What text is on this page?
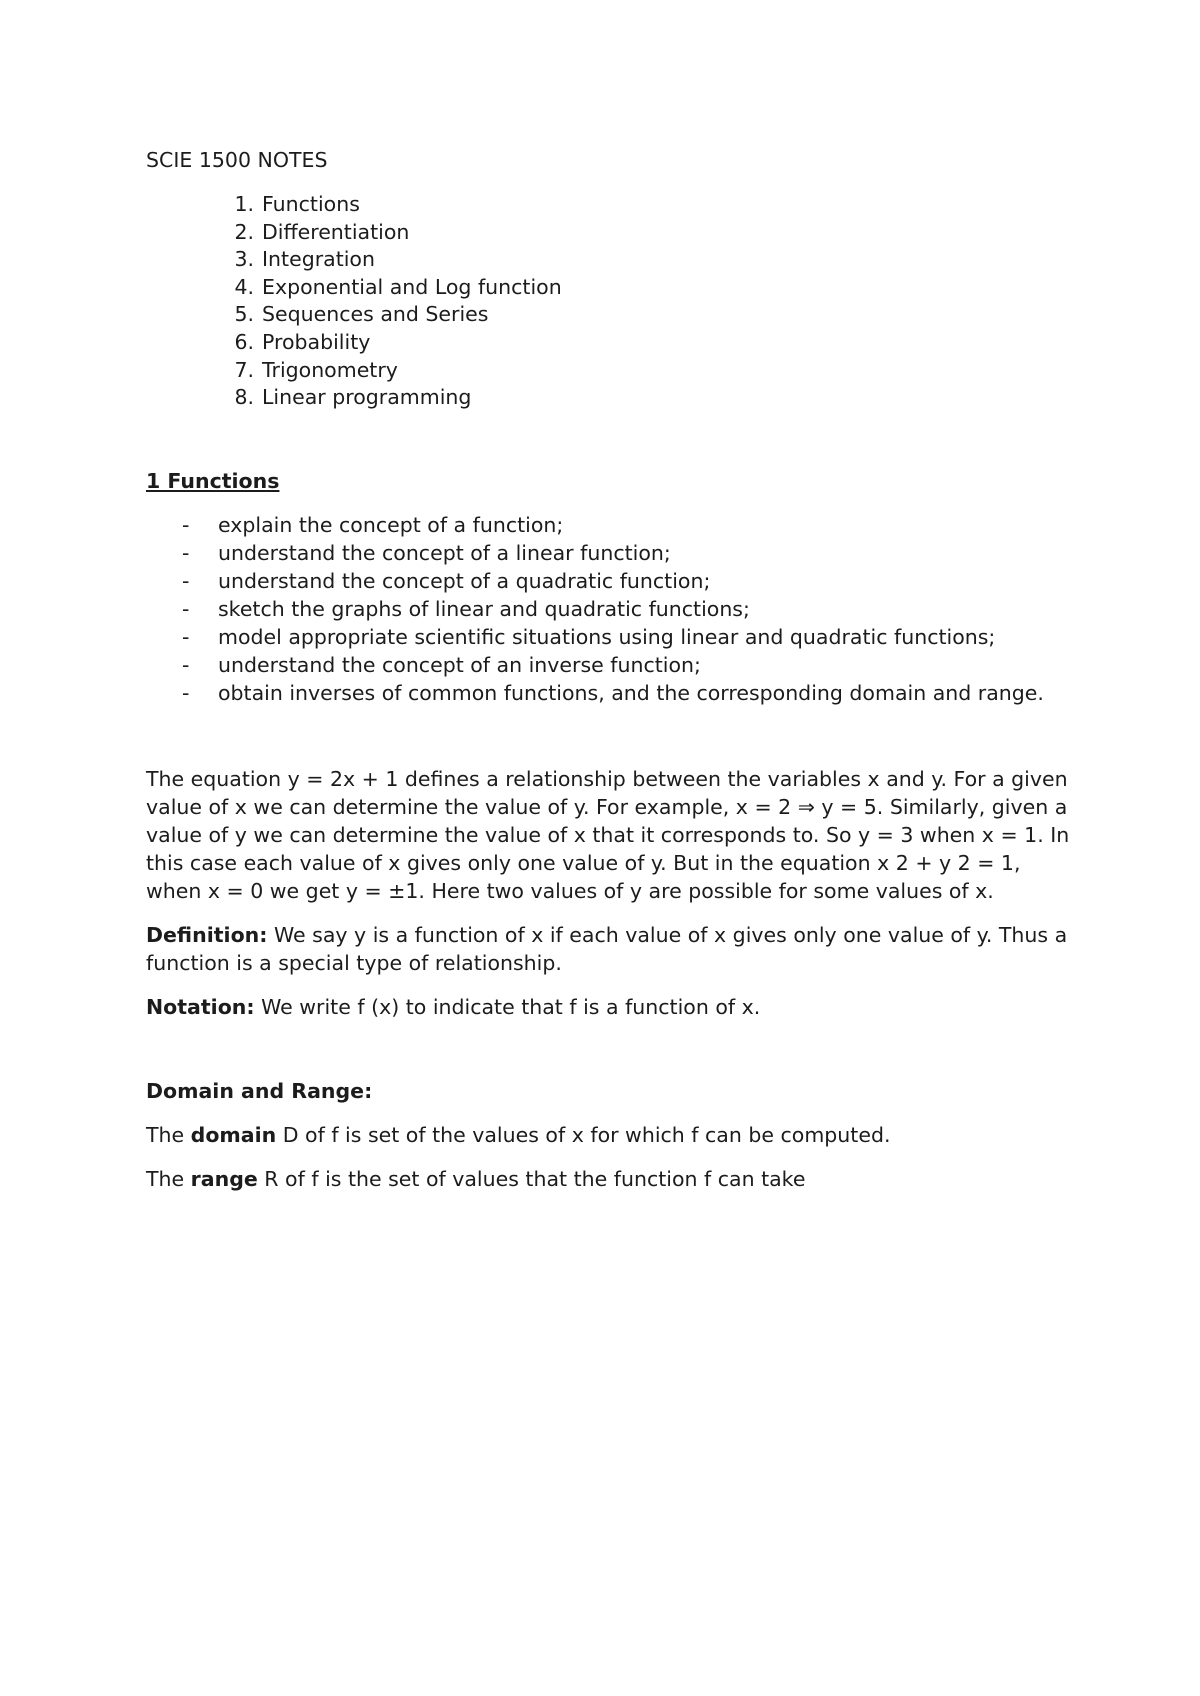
SCIE 1500 NOTES
1. Functions
2. Differentiation
3. Integration
4. Exponential and Log function
5. Sequences and Series
6. Probability
7. Trigonometry
8. Linear programming
1 Functions
-	explain the concept of a function;
-	understand the concept of a linear function;
-	understand the concept of a quadratic function;
-	sketch the graphs of linear and quadratic functions;
-	model appropriate scientific situations using linear and quadratic functions;
-	understand the concept of an inverse function;
-	obtain inverses of common functions, and the corresponding domain and range.

The equation y = 2x + 1 defines a relationship between the variables x and y. For a given value of x we can determine the value of y. For example, x = 2 ⇒ y = 5. Similarly, given a value of y we can determine the value of x that it corresponds to. So y = 3 when x = 1. In this case each value of x gives only one value of y. But in the equation x 2 + y 2 = 1, when x = 0 we get y = ±1. Here two values of y are possible for some values of x.

Definition: We say y is a function of x if each value of x gives only one value of y. Thus a function is a special type of relationship.

Notation: We write f (x) to indicate that f is a function of x.

Domain and Range:

The domain D of f is set of the values of x for which f can be computed.

The range R of f is the set of values that the function f can take
